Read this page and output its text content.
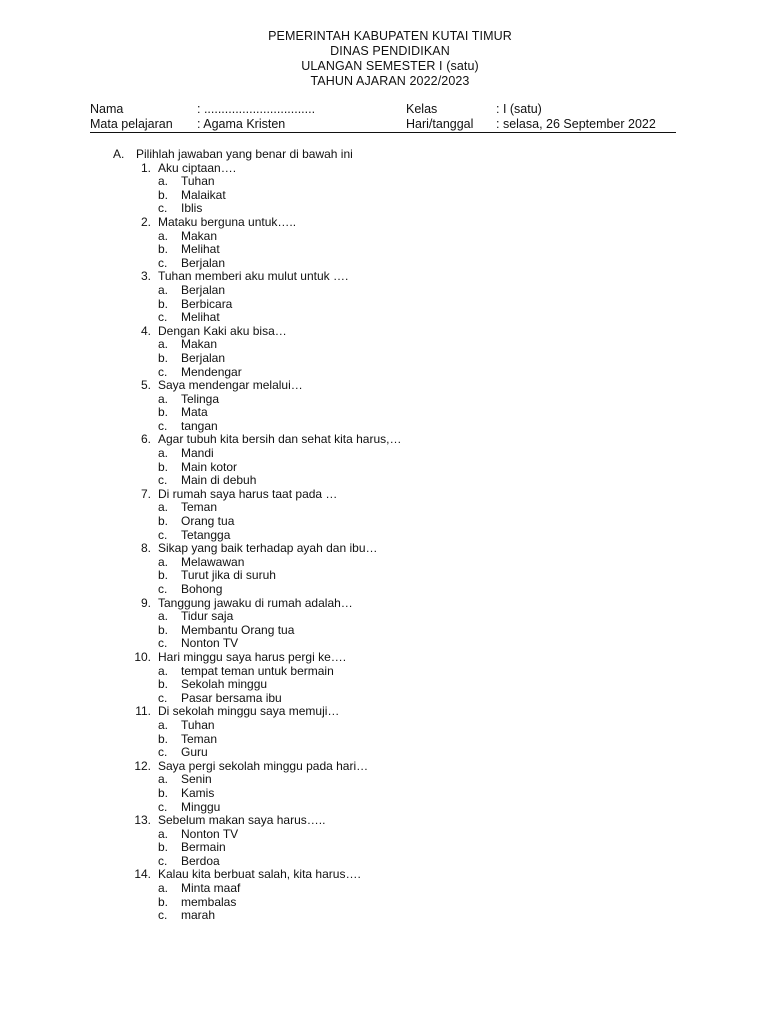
PEMERINTAH KABUPATEN KUTAI TIMUR
DINAS PENDIDIKAN
ULANGAN SEMESTER I (satu)
TAHUN AJARAN 2022/2023
Nama	: ................................	Kelas	: I (satu)
Mata pelajaran : Agama Kristen	Hari/tanggal : selasa, 26 September 2022
A. Pilihlah jawaban yang benar di bawah ini
1. Aku ciptaan….
a. Tuhan
b. Malaikat
c. Iblis
2. Mataku berguna untuk…..
a. Makan
b. Melihat
c. Berjalan
3. Tuhan memberi aku mulut untuk ….
a. Berjalan
b. Berbicara
c. Melihat
4. Dengan Kaki aku bisa…
a. Makan
b. Berjalan
c. Mendengar
5. Saya mendengar melalui…
a. Telinga
b. Mata
c. tangan
6. Agar tubuh kita bersih dan sehat kita harus,…
a. Mandi
b. Main kotor
c. Main di debuh
7. Di rumah saya harus taat pada …
a. Teman
b. Orang tua
c. Tetangga
8. Sikap yang baik terhadap ayah dan ibu…
a. Melawawan
b. Turut jika di suruh
c. Bohong
9. Tanggung jawaku di rumah adalah…
a. Tidur saja
b. Membantu Orang tua
c. Nonton TV
10. Hari minggu saya harus pergi ke….
a. tempat teman untuk bermain
b. Sekolah minggu
c. Pasar bersama ibu
11. Di sekolah minggu saya memuji…
a. Tuhan
b. Teman
c. Guru
12. Saya pergi sekolah minggu pada hari…
a. Senin
b. Kamis
c. Minggu
13. Sebelum makan saya harus…..
a. Nonton TV
b. Bermain
c. Berdoa
14. Kalau kita berbuat salah, kita harus….
a. Minta maaf
b. membalas
c. marah
